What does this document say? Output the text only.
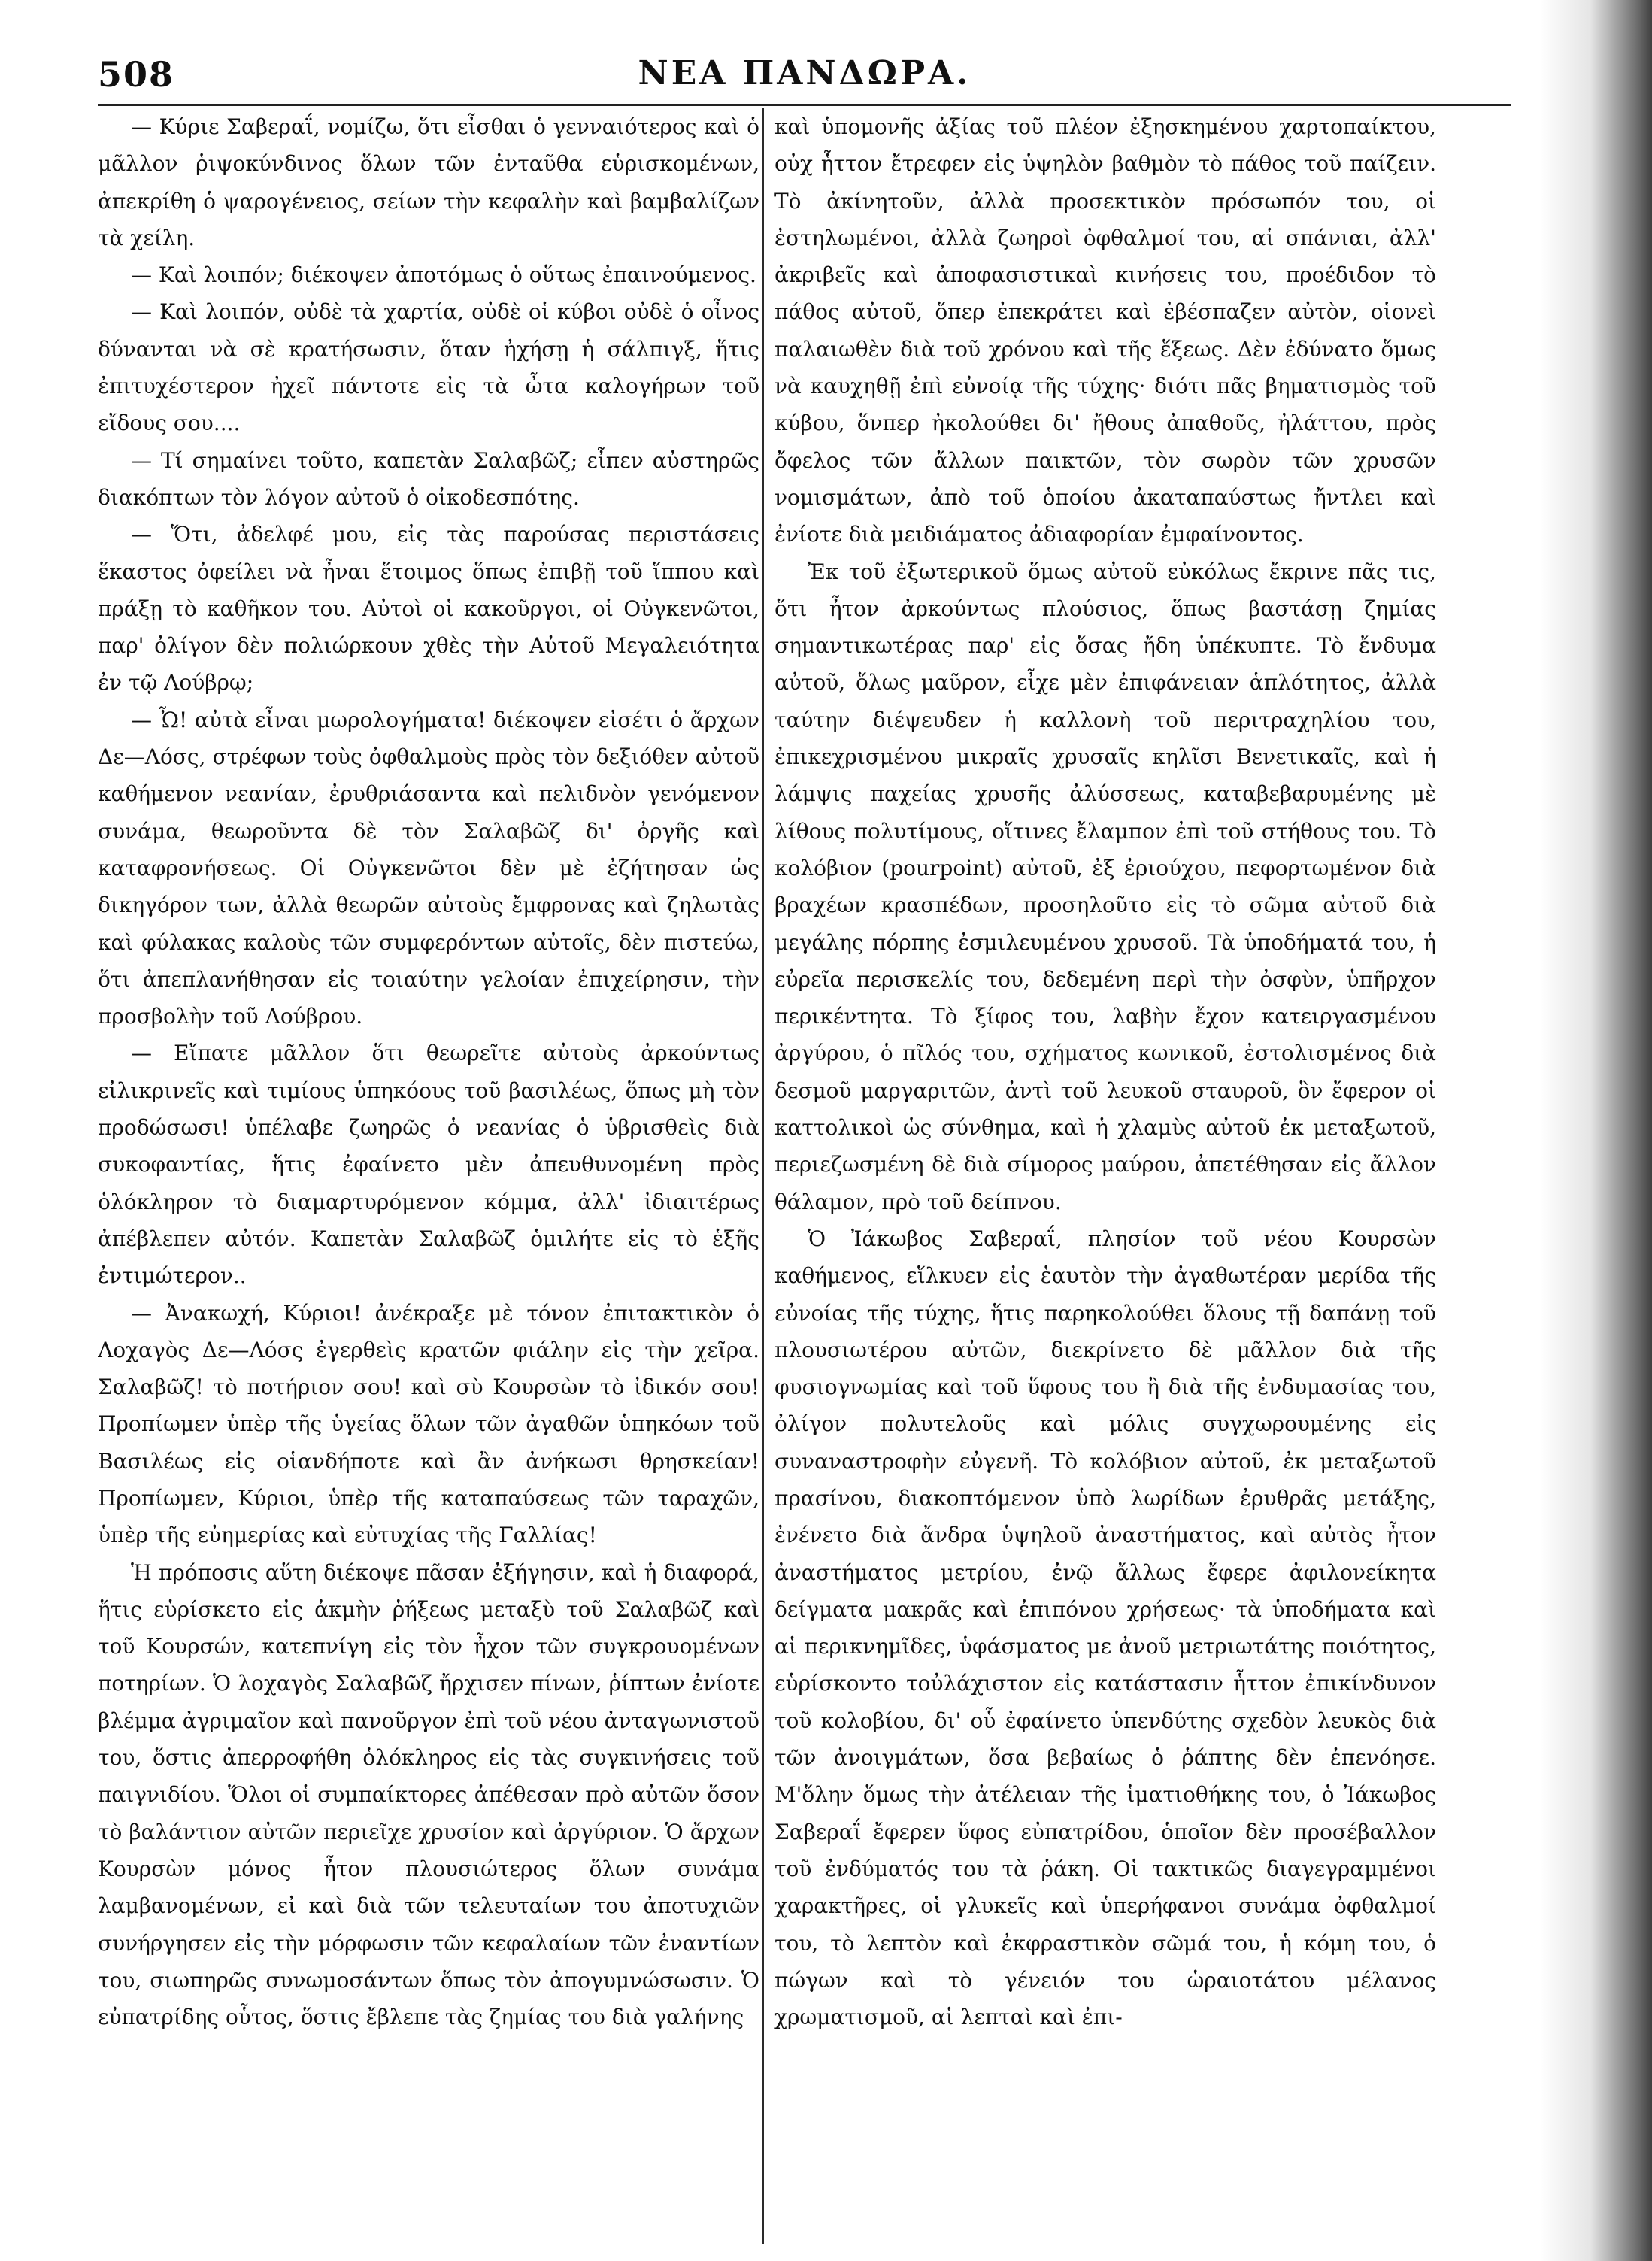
ΝΕΑ ΠΑΝΔΩΡΑ.
508

— Κύριε Σαβεραΐ, νομίζω, ὅτι εἶσθαι ὁ γενναιότερος καὶ ὁ μᾶλλον ῥιψοκύνδινος ὅλων τῶν ἐνταῦθα εὑρισκομένων, ἀπεκρίθη ὁ ψαρογένειος, σείων τὴν κεφαλὴν καὶ βαμβαλίζων τὰ χείλη.

— Καὶ λοιπόν; διέκοψεν ἀποτόμως ὁ οὕτως ἐπαινούμενος.

— Καὶ λοιπόν, οὐδὲ τὰ χαρτία, οὐδὲ οἱ κύβοι οὐδὲ ὁ οἶνος δύνανται νὰ σὲ κρατήσωσιν, ὅταν ἠχήσῃ ἡ σάλπιγξ, ἥτις ἐπιτυχέστερον ἠχεῖ πάντοτε εἰς τὰ ὦτα καλογήρων τοῦ εἴδους σου....

— Τί σημαίνει τοῦτο, καπετὰν Σαλαβῶζ; εἶπεν αὐστηρῶς διακόπτων τὸν λόγον αὐτοῦ ὁ οἰκοδεσπότης.

— Ὅτι, ἀδελφέ μου, εἰς τὰς παρούσας περιστάσεις ἕκαστος ὀφείλει νὰ ἦναι ἕτοιμος ὅπως ἐπιβῇ τοῦ ἵππου καὶ πράξῃ τὸ καθῆκον του. Αὐτοὶ οἱ κακοῦργοι, οἱ Οὐγκενῶτοι, παρ' ὀλίγον δὲν πολιώρκουν χθὲς τὴν Αὐτοῦ Μεγαλειότητα ἐν τῷ Λούβρῳ;

— Ὦ! αὐτὰ εἶναι μωρολογήματα! διέκοψεν εἰσέτι ὁ ἄρχων Δε—Λόσς, στρέφων τοὺς ὀφθαλμοὺς πρὸς τὸν δεξιόθεν αὐτοῦ καθήμενον νεανίαν, ἐρυθριάσαντα καὶ πελιδνὸν γενόμενον συνάμα, θεωροῦντα δὲ τὸν Σαλαβῶζ δι' ὀργῆς καὶ καταφρονήσεως. Οἱ Οὐγκενῶτοι δὲν μὲ ἐζήτησαν ὡς δικηγόρον των, ἀλλὰ θεωρῶν αὐτοὺς ἔμφρονας καὶ ζηλωτὰς καὶ φύλακας καλοὺς τῶν συμφερόντων αὐτοῖς, δὲν πιστεύω, ὅτι ἀπεπλανήθησαν εἰς τοιαύτην γελοίαν ἐπιχείρησιν, τὴν προσβολὴν τοῦ Λούβρου.

— Εἴπατε μᾶλλον ὅτι θεωρεῖτε αὐτοὺς ἀρκούντως εἰλικρινεῖς καὶ τιμίους ὑπηκόους τοῦ βασιλέως, ὅπως μὴ τὸν προδώσωσι! ὑπέλαβε ζωηρῶς ὁ νεανίας ὁ ὑβρισθεὶς διὰ συκοφαντίας, ἥτις ἐφαίνετο μὲν ἀπευθυνομένη πρὸς ὁλόκληρον τὸ διαμαρτυρόμενον κόμμα, ἀλλ' ἰδιαιτέρως ἀπέβλεπεν αὐτόν. Καπετὰν Σαλαβῶζ ὁμιλήτε εἰς τὸ ἑξῆς ἐντιμώτερον..

— Ἀνακωχή, Κύριοι! ἀνέκραξε μὲ τόνον ἐπιτακτικὸν ὁ Λοχαγὸς Δε—Λόσς ἐγερθεὶς κρατῶν φιάλην εἰς τὴν χεῖρα. Σαλαβῶζ! τὸ ποτήριον σου! καὶ σὺ Κουρσὼν τὸ ἰδικόν σου! Προπίωμεν ὑπὲρ τῆς ὑγείας ὅλων τῶν ἀγαθῶν ὑπηκόων τοῦ Βασιλέως εἰς οἱανδήποτε καὶ ἂν ἀνήκωσι θρησκείαν! Προπίωμεν, Κύριοι, ὑπὲρ τῆς καταπαύσεως τῶν ταραχῶν, ὑπὲρ τῆς εὐημερίας καὶ εὐτυχίας τῆς Γαλλίας!

Ἡ πρόποσις αὕτη διέκοψε πᾶσαν ἐξήγησιν, καὶ ἡ διαφορά, ἥτις εὑρίσκετο εἰς ἀκμὴν ῥήξεως μεταξὺ τοῦ Σαλαβῶζ καὶ τοῦ Κουρσών, κατεπνίγη εἰς τὸν ἦχον τῶν συγκρουομένων ποτηρίων. Ὁ λοχαγὸς Σαλαβῶζ ἤρχισεν πίνων, ῥίπτων ἐνίοτε βλέμμα ἀγριμαῖον καὶ πανοῦργον ἐπὶ τοῦ νέου ἀνταγωνιστοῦ του, ὅστις ἀπερροφήθη ὁλόκληρος εἰς τὰς συγκινήσεις τοῦ παιγνιδίου. Ὅλοι οἱ συμπαίκτορες ἀπέθεσαν πρὸ αὐτῶν ὅσον τὸ βαλάντιον αὐτῶν περιεῖχε χρυσίον καὶ ἀργύριον. Ὁ ἄρχων Κουρσὼν μόνος ἦτον πλουσιώτερος ὅλων συνάμα λαμβανομένων, εἰ καὶ διὰ τῶν τελευταίων του ἀποτυχιῶν συνήργησεν εἰς τὴν μόρφωσιν τῶν κεφαλαίων τῶν ἐναντίων του, σιωπηρῶς συνωμοσάντων ὅπως τὸν ἀπογυμνώσωσιν. Ὁ εὐπατρίδης οὗτος, ὅστις ἔβλεπε τὰς ζημίας του διὰ γαλήνης

καὶ ὑπομονῆς ἀξίας τοῦ πλέον ἐξησκημένου χαρτοπαίκτου, οὐχ ἧττον ἔτρεφεν εἰς ὑψηλὸν βαθμὸν τὸ πάθος τοῦ παίζειν. Τὸ ἀκίνητοῦν, ἀλλὰ προσεκτικὸν πρόσωπόν του, οἱ ἐστηλωμένοι, ἀλλὰ ζωηροὶ ὀφθαλμοί του, αἱ σπάνιαι, ἀλλ' ἀκριβεῖς καὶ ἀποφασιστικαὶ κινήσεις του, προέδιδον τὸ πάθος αὐτοῦ, ὅπερ ἐπεκράτει καὶ ἐβέσπαζεν αὐτὸν, οἱονεὶ παλαιωθὲν διὰ τοῦ χρόνου καὶ τῆς ἕξεως. Δὲν ἐδύνατο ὅμως νὰ καυχηθῇ ἐπὶ εὐνοίᾳ τῆς τύχης· διότι πᾶς βηματισμὸς τοῦ κύβου, ὅνπερ ἠκολούθει δι' ἤθους ἀπαθοῦς, ἠλάττου, πρὸς ὄφελος τῶν ἄλλων παικτῶν, τὸν σωρὸν τῶν χρυσῶν νομισμάτων, ἀπὸ τοῦ ὁποίου ἀκαταπαύστως ἤντλει καὶ ἐνίοτε διὰ μειδιάματος ἀδιαφορίαν ἐμφαίνοντος.

Ἐκ τοῦ ἐξωτερικοῦ ὅμως αὐτοῦ εὐκόλως ἔκρινε πᾶς τις, ὅτι ἦτον ἀρκούντως πλούσιος, ὅπως βαστάσῃ ζημίας σημαντικωτέρας παρ' εἰς ὅσας ἤδη ὑπέκυπτε. Τὸ ἔνδυμα αὐτοῦ, ὅλως μαῦρον, εἶχε μὲν ἐπιφάνειαν ἁπλότητος, ἀλλὰ ταύτην διέψευδεν ἡ καλλονὴ τοῦ περιτραχηλίου του, ἐπικεχρισμένου μικραῖς χρυσαῖς κηλῖσι Βενετικαῖς, καὶ ἡ λάμψις παχείας χρυσῆς ἀλύσσεως, καταβεβαρυμένης μὲ λίθους πολυτίμους, οἵτινες ἔλαμπον ἐπὶ τοῦ στήθους του. Τὸ κολόβιον (pourpoint) αὐτοῦ, ἐξ ἐριούχου, πεφορτωμένον διὰ βραχέων κρασπέδων, προσηλοῦτο εἰς τὸ σῶμα αὐτοῦ διὰ μεγάλης πόρπης ἐσμιλευμένου χρυσοῦ. Τὰ ὑποδήματά του, ἡ εὐρεῖα περισκελίς του, δεδεμένη περὶ τὴν ὀσφὺν, ὑπῆρχον περικέντητα. Τὸ ξίφος του, λαβὴν ἔχον κατειργασμένου ἀργύρου, ὁ πῖλός του, σχήματος κωνικοῦ, ἐστολισμένος διὰ δεσμοῦ μαργαριτῶν, ἀντὶ τοῦ λευκοῦ σταυροῦ, ὃν ἔφερον οἱ καττολικοὶ ὡς σύνθημα, καὶ ἡ χλαμὺς αὐτοῦ ἐκ μεταξωτοῦ, περιεζωσμένη δὲ διὰ σίμορος μαύρου, ἀπετέθησαν εἰς ἄλλον θάλαμον, πρὸ τοῦ δείπνου.

Ὁ Ἰάκωβος Σαβεραΐ, πλησίον τοῦ νέου Κουρσὼν καθήμενος, εἵλκυεν εἰς ἑαυτὸν τὴν ἀγαθωτέραν μερίδα τῆς εὐνοίας τῆς τύχης, ἥτις παρηκολούθει ὅλους τῇ δαπάνῃ τοῦ πλουσιωτέρου αὐτῶν, διεκρίνετο δὲ μᾶλλον διὰ τῆς φυσιογνωμίας καὶ τοῦ ὕφους του ἢ διὰ τῆς ἐνδυμασίας του, ὀλίγον πολυτελοῦς καὶ μόλις συγχωρουμένης εἰς συναναστροφὴν εὐγενῆ. Τὸ κολόβιον αὐτοῦ, ἐκ μεταξωτοῦ πρασίνου, διακοπτόμενον ὑπὸ λωρίδων ἐρυθρᾶς μετάξης, ἐνένετο διὰ ἄνδρα ὑψηλοῦ ἀναστήματος, καὶ αὐτὸς ἦτον ἀναστήματος μετρίου, ἐνῷ ἄλλως ἔφερε ἀφιλονείκητα δείγματα μακρᾶς καὶ ἐπιπόνου χρήσεως· τὰ ὑποδήματα καὶ αἱ περικνημῖδες, ὑφάσματος με ἀνοῦ μετριωτάτης ποιότητος, εὑρίσκοντο τοὐλάχιστον εἰς κατάστασιν ἧττον ἐπικίνδυνον τοῦ κολοβίου, δι' οὗ ἐφαίνετο ὑπενδύτης σχεδὸν λευκὸς διὰ τῶν ἀνοιγμάτων, ὅσα βεβαίως ὁ ῥάπτης δὲν ἐπενόησε. Μ'ὅλην ὅμως τὴν ἀτέλειαν τῆς ἱματιοθήκης του, ὁ Ἰάκωβος Σαβεραΐ ἔφερεν ὕφος εὐπατρίδου, ὁποῖον δὲν προσέβαλλον τοῦ ἐνδύματός του τὰ ῥάκη. Οἱ τακτικῶς διαγεγραμμένοι χαρακτῆρες, οἱ γλυκεῖς καὶ ὑπερήφανοι συνάμα ὀφθαλμοί του, τὸ λεπτὸν καὶ ἐκφραστικὸν σῶμά του, ἡ κόμη του, ὁ πώγων καὶ τὸ γένειόν του ὡραιοτάτου μέλανος χρωματισμοῦ, αἱ λεπταὶ καὶ ἐπι-
